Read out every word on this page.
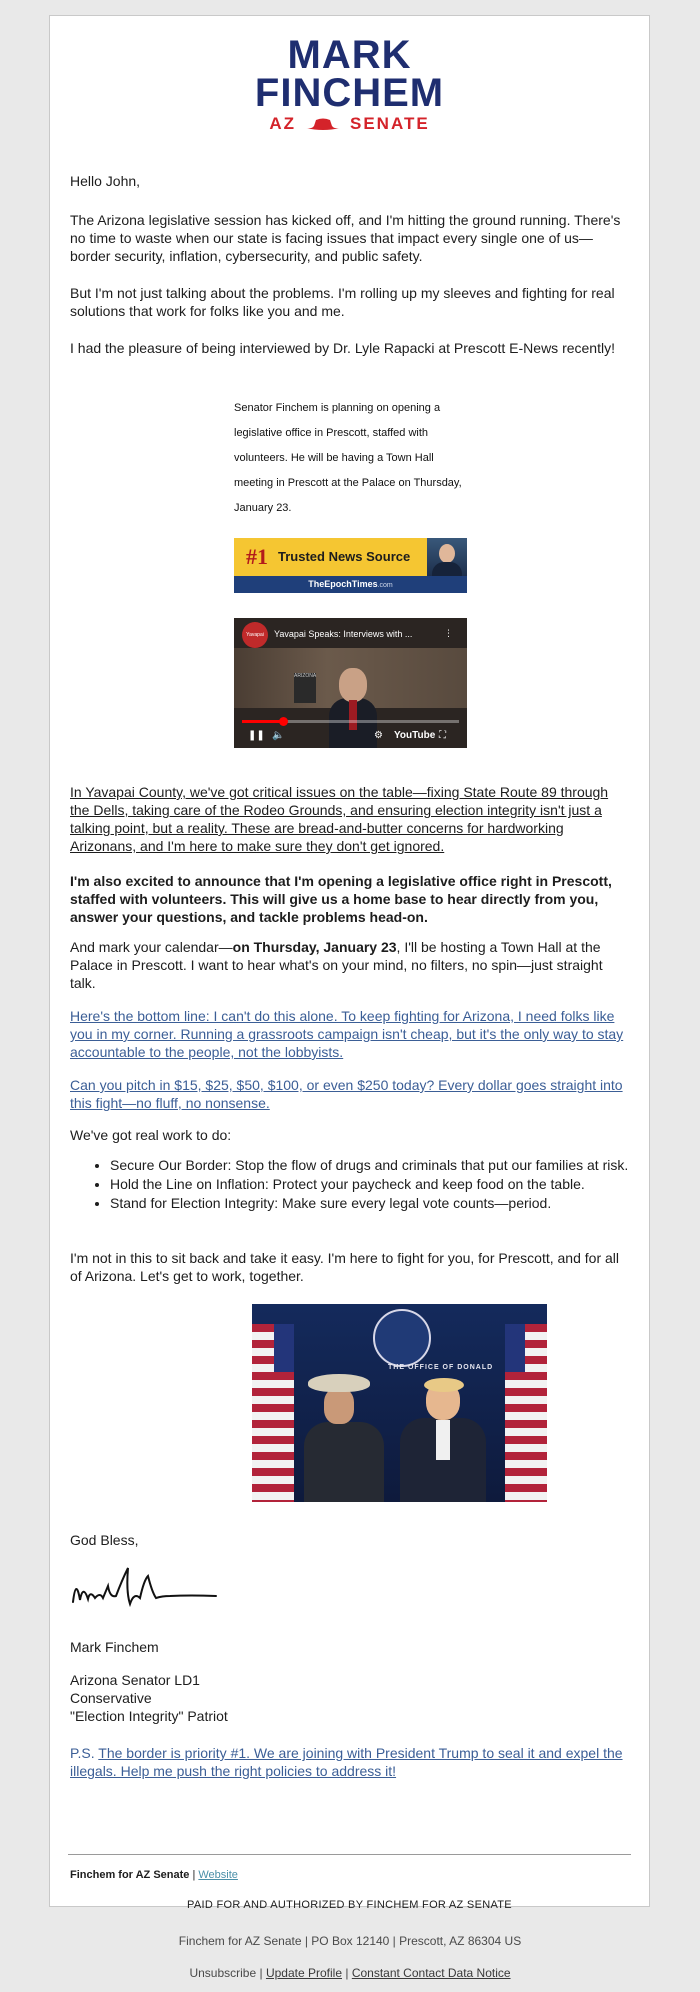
MARK
FINCHEM
AZ	SENATE
Hello John,
The Arizona legislative session has kicked off, and I'm hitting the ground running. There's no time to waste when our state is facing issues that impact every single one of us—border security, inflation, cybersecurity, and public safety.
But I'm not just talking about the problems. I'm rolling up my sleeves and fighting for real solutions that work for folks like you and me.
I had the pleasure of being interviewed by Dr. Lyle Rapacki at Prescott E-News recently!
Senator Finchem is planning on opening a legislative office in Prescott, staffed with volunteers. He will be having a Town Hall meeting in Prescott at the Palace on Thursday, January 23.
#1 Trusted News Source
TheEpochTimes.com
ARIZONA
Yavapai	Yavapai Speaks: Interviews with ...	⋮
❚❚ 🔈	⚙ YouTube ⛶
In Yavapai County, we've got critical issues on the table—fixing State Route 89 through the Dells, taking care of the Rodeo Grounds, and ensuring election integrity isn't just a talking point, but a reality. These are bread-and-butter concerns for hardworking Arizonans, and I'm here to make sure they don't get ignored.
I'm also excited to announce that I'm opening a legislative office right in Prescott, staffed with volunteers. This will give us a home base to hear directly from you, answer your questions, and tackle problems head-on.
And mark your calendar—on Thursday, January 23, I'll be hosting a Town Hall at the Palace in Prescott. I want to hear what's on your mind, no filters, no spin—just straight talk.
Here's the bottom line: I can't do this alone. To keep fighting for Arizona, I need folks like you in my corner. Running a grassroots campaign isn't cheap, but it's the only way to stay accountable to the people, not the lobbyists.
Can you pitch in $15, $25, $50, $100, or even $250 today? Every dollar goes straight into this fight—no fluff, no nonsense.
We've got real work to do:
• Secure Our Border: Stop the flow of drugs and criminals that put our families at risk.
• Hold the Line on Inflation: Protect your paycheck and keep food on the table.
• Stand for Election Integrity: Make sure every legal vote counts—period.
I'm not in this to sit back and take it easy. I'm here to fight for you, for Prescott, and for all of Arizona. Let's get to work, together.
THE OFFICE OF DONALD
God Bless,
Mark Finchem
Arizona Senator LD1
Conservative
"Election Integrity" Patriot
P.S. The border is priority #1. We are joining with President Trump to seal it and expel the illegals. Help me push the right policies to address it!
Finchem for AZ Senate | Website
PAID FOR AND AUTHORIZED BY FINCHEM FOR AZ SENATE
Finchem for AZ Senate | PO Box 12140 | Prescott, AZ 86304 US
Unsubscribe | Update Profile | Constant Contact Data Notice
